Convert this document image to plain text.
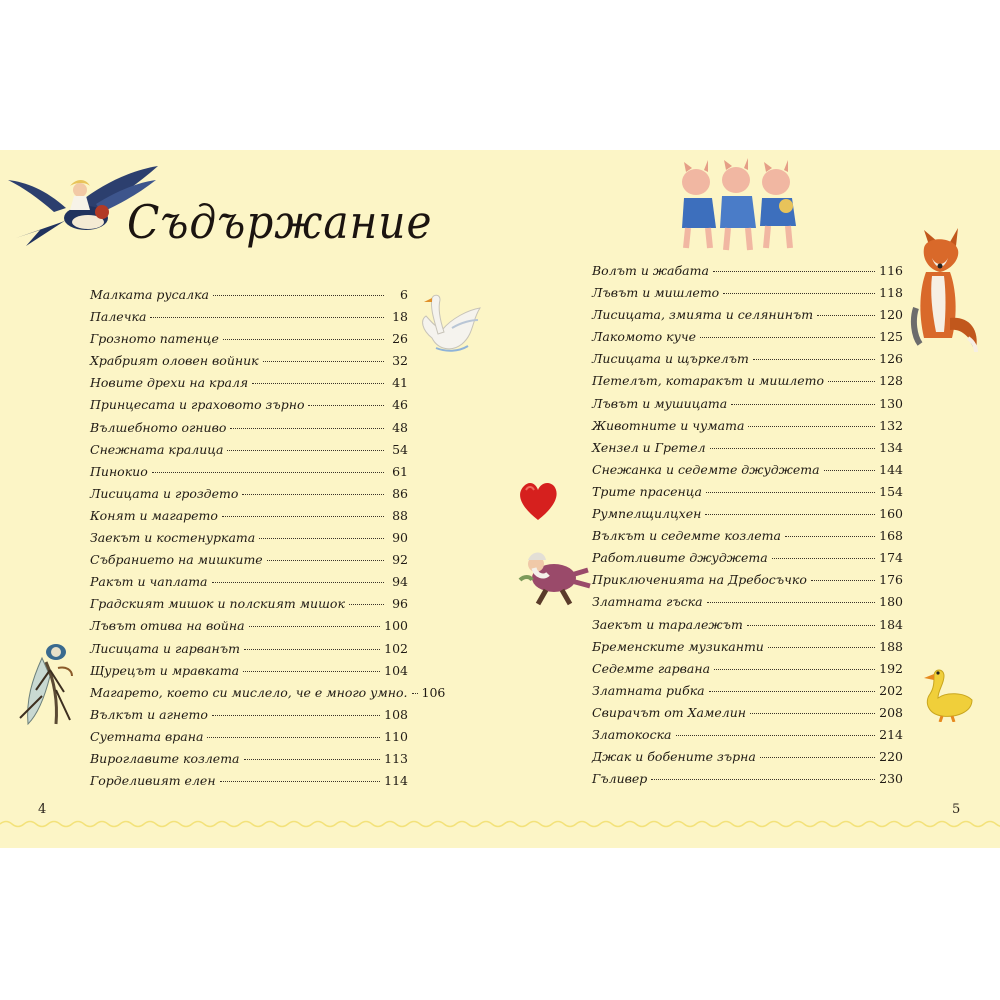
Съдържание
Малката русалка	6
Палечка	18
Грозното патенце	26
Храбрият оловен войник	32
Новите дрехи на краля	41
Принцесата и граховото зърно	46
Вълшебното огниво	48
Снежната кралица	54
Пинокио	61
Лисицата и гроздето	86
Конят и магарето	88
Заекът и костенурката	90
Събранието на мишките	92
Ракът и чаплата	94
Градският мишок и полският мишок	96
Лъвът отива на война	100
Лисицата и гарванът	102
Щурецът и мравката	104
Магарето, което си мислело, че е много умно. 106
Вълкът и агнето	108
Суетната врана	110
Вироглавите козлета	113
Горделивият елен	114
Волът и жабата	116
Лъвът и мишлето	118
Лисицата, змията и селянинът	120
Лакомото куче	125
Лисицата и щъркелът	126
Петелът, котаракът и мишлето	128
Лъвът и мушицата	130
Животните и чумата	132
Хензел и Гретел	134
Снежанка и седемте джуджета	144
Трите прасенца	154
Румпелщилцхен	160
Вълкът и седемте козлета	168
Работливите джуджета	174
Приключенията на Дребосъчко	176
Златната гъска	180
Заекът и таралежът	184
Бременските музиканти	188
Седемте гарвана	192
Златната рибка	202
Свирачът от Хамелин	208
Златокоска	214
Джак и бобените зърна	220
Гъливер	230
4	5
